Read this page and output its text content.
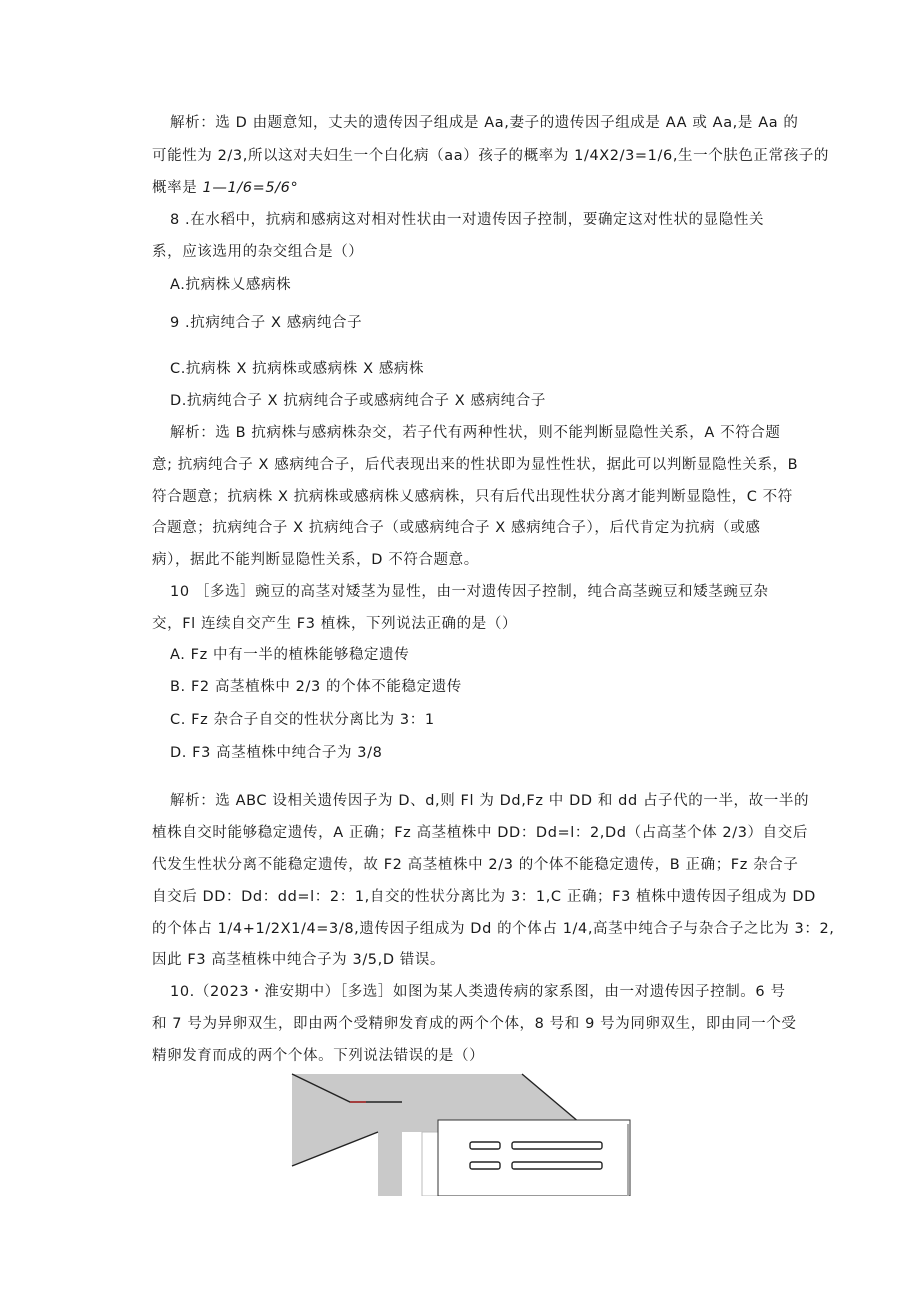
解析：选 D 由题意知，丈夫的遗传因子组成是 Aa,妻子的遗传因子组成是 AA 或 Aa,是 Aa 的

可能性为 2/3,所以这对夫妇生一个白化病（aa）孩子的概率为 1/4X2/3=1/6,生一个肤色正常孩子的

概率是 1—1/6=5/6°

8 .在水稻中，抗病和感病这对相对性状由一对遗传因子控制，要确定这对性状的显隐性关

系，应该选用的杂交组合是（）

A.抗病株乂感病株

9 .抗病纯合子 X 感病纯合子

C.抗病株 X 抗病株或感病株 X 感病株

D.抗病纯合子 X 抗病纯合子或感病纯合子 X 感病纯合子

解析：选 B 抗病株与感病株杂交，若子代有两种性状，则不能判断显隐性关系，A 不符合题

意; 抗病纯合子 X 感病纯合子，后代表现出来的性状即为显性性状，据此可以判断显隐性关系，B

符合题意；抗病株 X 抗病株或感病株乂感病株，只有后代出现性状分离才能判断显隐性，C 不符

合题意；抗病纯合子 X 抗病纯合子（或感病纯合子 X 感病纯合子），后代肯定为抗病（或感

病），据此不能判断显隐性关系，D 不符合题意。

10 ［多选］豌豆的高茎对矮茎为显性，由一对遗传因子控制，纯合高茎豌豆和矮茎豌豆杂

交，Fl 连续自交产生 F3 植株，下列说法正确的是（）

A. Fz 中有一半的植株能够稳定遗传

B. F2 高茎植株中 2/3 的个体不能稳定遗传

C. Fz 杂合子自交的性状分离比为 3：1

D. F3 高茎植株中纯合子为 3/8

解析：选 ABC 设相关遗传因子为 D、d,则 Fl 为 Dd,Fz 中 DD 和 dd 占子代的一半，故一半的

植株自交时能够稳定遗传，A 正确；Fz 高茎植株中 DD：Dd=l：2,Dd（占高茎个体 2/3）自交后

代发生性状分离不能稳定遗传，故 F2 高茎植株中 2/3 的个体不能稳定遗传，B 正确；Fz 杂合子

自交后 DD：Dd：dd=l：2：1,自交的性状分离比为 3：1,C 正确；F3 植株中遗传因子组成为 DD

的个体占 1/4+1/2X1/4=3/8,遗传因子组成为 Dd 的个体占 1/4,高茎中纯合子与杂合子之比为 3：2,

因此 F3 高茎植株中纯合子为 3/5,D 错误。

10.（2023・淮安期中）［多选］如图为某人类遗传病的家系图，由一对遗传因子控制。6 号

和 7 号为异卵双生，即由两个受精卵发育成的两个个体，8 号和 9 号为同卵双生，即由同一个受

精卵发育而成的两个个体。下列说法错误的是（）
